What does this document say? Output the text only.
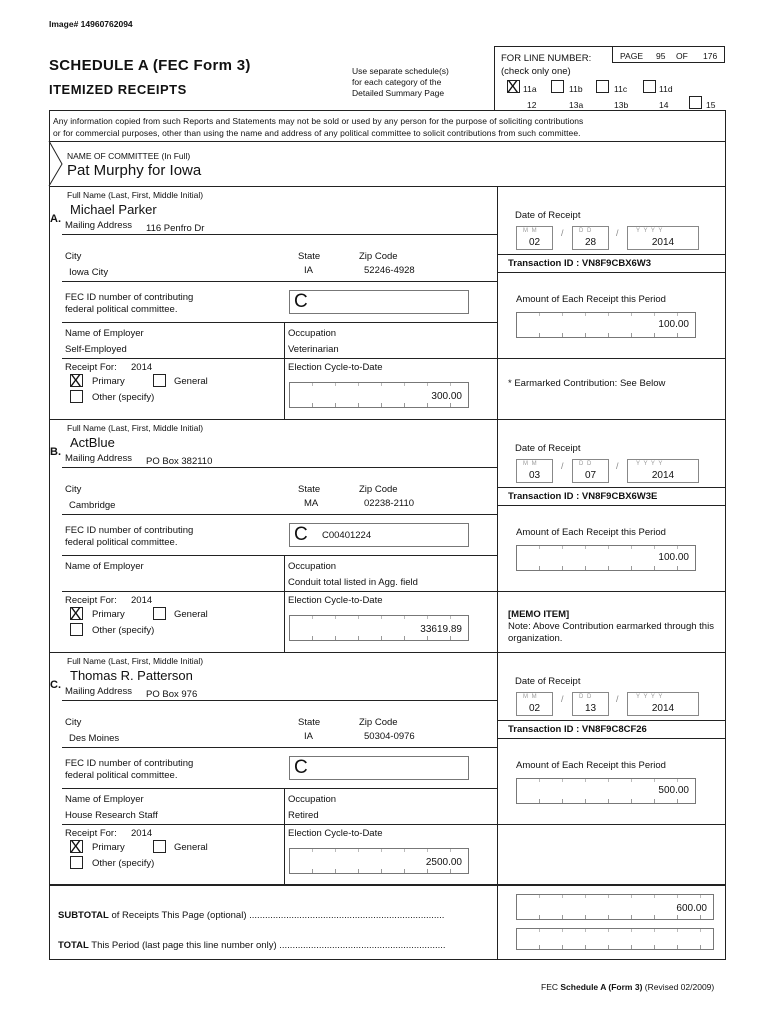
Image# 14960762094
SCHEDULE A (FEC Form 3)
ITEMIZED RECEIPTS
Use separate schedule(s)
for each category of the
Detailed Summary Page
FOR LINE NUMBER:
(check only one)
PAGE 95 OF 176
X 11a
12
11b
13a
11c
13b
11d
14	15
Any information copied from such Reports and Statements may not be sold or used by any person for the purpose of soliciting contributions
or for commercial purposes, other than using the name and address of any political committee to solicit contributions from such committee.
NAME OF COMMITTEE (In Full)
Pat Murphy for Iowa
Full Name (Last, First, Middle Initial)
A.
Michael Parker
Mailing Address 116 Penfro Dr
City	State	Zip Code
Iowa City	IA	52246-4928
FEC ID number of contributing
federal political committee.	C
Name of Employer
Self-Employed
Occupation
Veterinarian
Receipt For: 2014
X Primary	General
Other (specify)
Election Cycle-to-Date
300.00
Date of Receipt
M M
02
/	D D
28
/	Y Y Y Y
2014
Transaction ID : VN8F9CBX6W3
Amount of Each Receipt this Period
100.00
* Earmarked Contribution: See Below
Full Name (Last, First, Middle Initial)
B.
ActBlue
Mailing Address PO Box 382110
City	State	Zip Code
Cambridge	MA	02238-2110
FEC ID number of contributing
federal political committee.	C C00401224
Name of Employer	Occupation
Conduit total listed in Agg. field
Receipt For: 2014
X Primary	General
Other (specify)
Election Cycle-to-Date
33619.89
Date of Receipt
M M
03
/	D D
07
/	Y Y Y Y
2014
Transaction ID : VN8F9CBX6W3E
Amount of Each Receipt this Period
100.00
[MEMO ITEM]
Note: Above Contribution earmarked through this
organization.
Full Name (Last, First, Middle Initial)
C.
Thomas R. Patterson
Mailing Address PO Box 976
City	State	Zip Code
Des Moines	IA	50304-0976
FEC ID number of contributing
federal political committee.	C
Name of Employer
House Research Staff
Occupation
Retired
Receipt For: 2014
X Primary	General
Other (specify)
Election Cycle-to-Date
2500.00
Date of Receipt
M M
02
/	D D
13
/	Y Y Y Y
2014
Transaction ID : VN8F9C8CF26
Amount of Each Receipt this Period
500.00
SUBTOTAL of Receipts This Page (optional) ..........................................................................
600.00
TOTAL This Period (last page this line number only) ...............................................................
FEC Schedule A (Form 3) (Revised 02/2009)
